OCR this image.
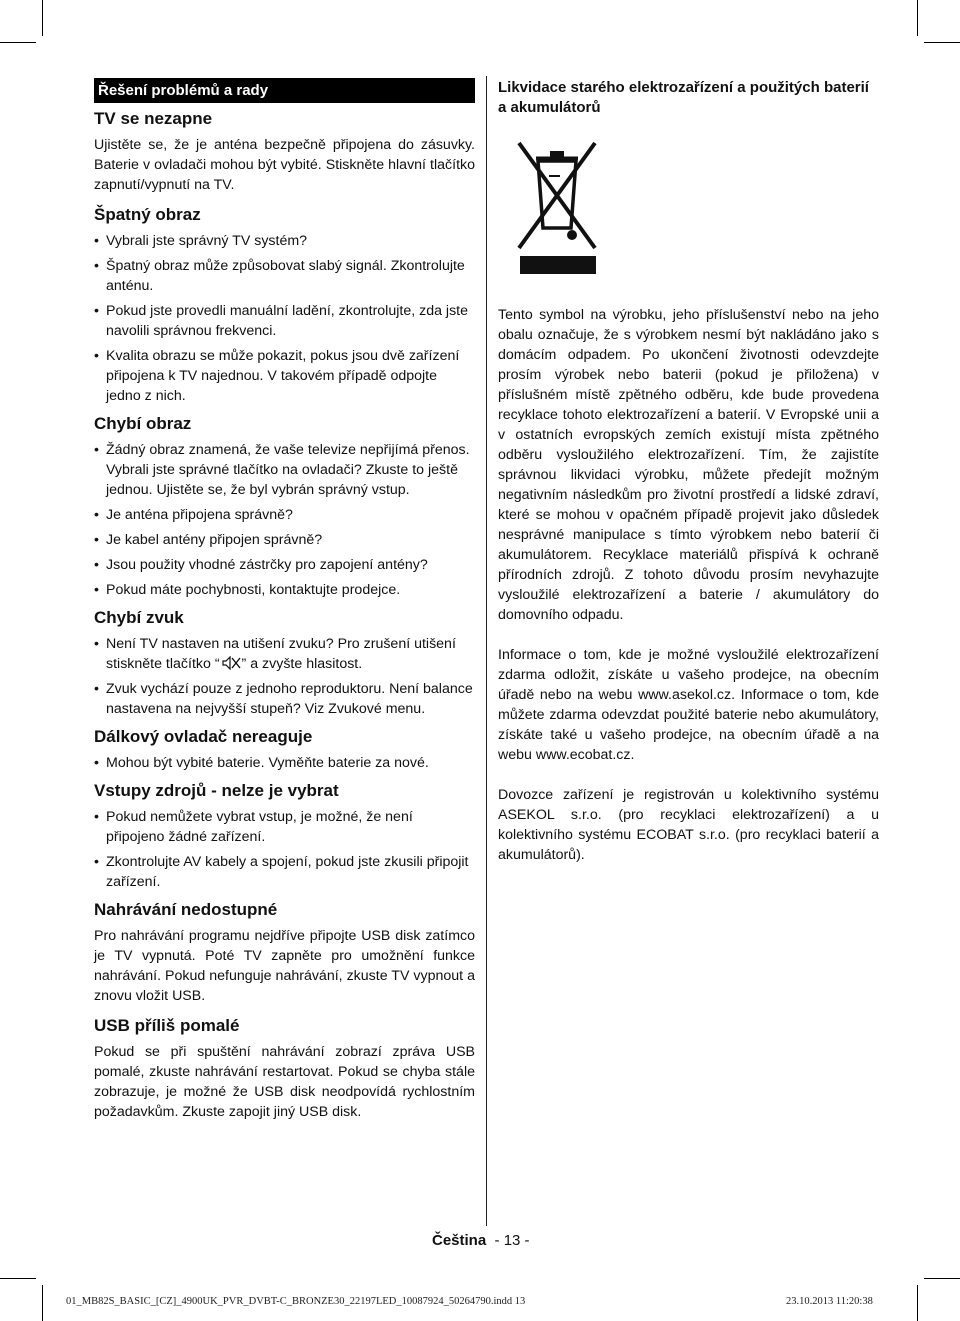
Řešení problémů a rady
TV se nezapne

Ujistěte se, že je anténa bezpečně připojena do zásuvky. Baterie v ovladači mohou být vybité. Stiskněte hlavní tlačítko zapnutí/vypnutí na TV.

Špatný obraz
• Vybrali jste správný TV systém?
• Špatný obraz může způsobovat slabý signál. Zkontrolujte anténu.
• Pokud jste provedli manuální ladění, zkontrolujte, zda jste navolili správnou frekvenci.
• Kvalita obrazu se může pokazit, pokus jsou dvě zařízení připojena k TV najednou. V takovém případě odpojte jedno z nich.
Chybí obraz
• Žádný obraz znamená, že vaše televize nepřijímá přenos. Vybrali jste správné tlačítko na ovladači? Zkuste to ještě jednou. Ujistěte se, že byl vybrán správný vstup.
• Je anténa připojena správně?
• Je kabel antény připojen správně?
• Jsou použity vhodné zástrčky pro zapojení antény?
• Pokud máte pochybnosti, kontaktujte prodejce.
Chybí zvuk
• Není TV nastaven na utišení zvuku? Pro zrušení utišení stiskněte tlačítko “ ” a zvyšte hlasitost.
• Zvuk vychází pouze z jednoho reproduktoru. Není balance nastavena na nejvyšší stupeň? Viz Zvukové menu.
Dálkový ovladač nereaguje
• Mohou být vybité baterie. Vyměňte baterie za nové.
Vstupy zdrojů - nelze je vybrat
• Pokud nemůžete vybrat vstup, je možné, že není připojeno žádné zařízení.
• Zkontrolujte AV kabely a spojení, pokud jste zkusili připojit zařízení.
Nahrávání nedostupné

Pro nahrávání programu nejdříve připojte USB disk zatímco je TV vypnutá. Poté TV zapněte pro umožnění funkce nahrávání. Pokud nefunguje nahrávání, zkuste TV vypnout a znovu vložit USB.

USB příliš pomalé

Pokud se při spuštění nahrávání zobrazí zpráva USB pomalé, zkuste nahrávání restartovat. Pokud se chyba stále zobrazuje, je možné že USB disk neodpovídá rychlostním požadavkům. Zkuste zapojit jiný USB disk.

Likvidace starého elektrozařízení a použitých baterií a akumulátorů

Tento symbol na výrobku, jeho příslušenství nebo na jeho obalu označuje, že s výrobkem nesmí být nakládáno jako s domácím odpadem. Po ukončení životnosti odevzdejte prosím výrobek nebo baterii (pokud je přiložena) v příslušném místě zpětného odběru, kde bude provedena recyklace tohoto elektrozařízení a baterií. V Evropské unii a v ostatních evropských zemích existují místa zpětného odběru vysloužilého elektrozařízení. Tím, že zajistíte správnou likvidaci výrobku, můžete předejít možným negativním následkům pro životní prostředí a lidské zdraví, které se mohou v opačném případě projevit jako důsledek nesprávné manipulace s tímto výrobkem nebo baterií či akumulátorem. Recyklace materiálů přispívá k ochraně přírodních zdrojů. Z tohoto důvodu prosím nevyhazujte vysloužilé elektrozařízení a baterie / akumulátory do domovního odpadu.

Informace o tom, kde je možné vysloužilé elektrozařízení zdarma odložit, získáte u vašeho prodejce, na obecním úřadě nebo na webu www.asekol.cz. Informace o tom, kde můžete zdarma odevzdat použité baterie nebo akumulátory, získáte také u vašeho prodejce, na obecním úřadě a na webu www.ecobat.cz.

Dovozce zařízení je registrován u kolektivního systému ASEKOL s.r.o. (pro recyklaci elektrozařízení) a u kolektivního systému ECOBAT s.r.o. (pro recyklaci baterií a akumulátorů).

Čeština - 13 -
01_MB82S_BASIC_[CZ]_4900UK_PVR_DVBT-C_BRONZE30_22197LED_10087924_50264790.indd 13	23.10.2013 11:20:38
